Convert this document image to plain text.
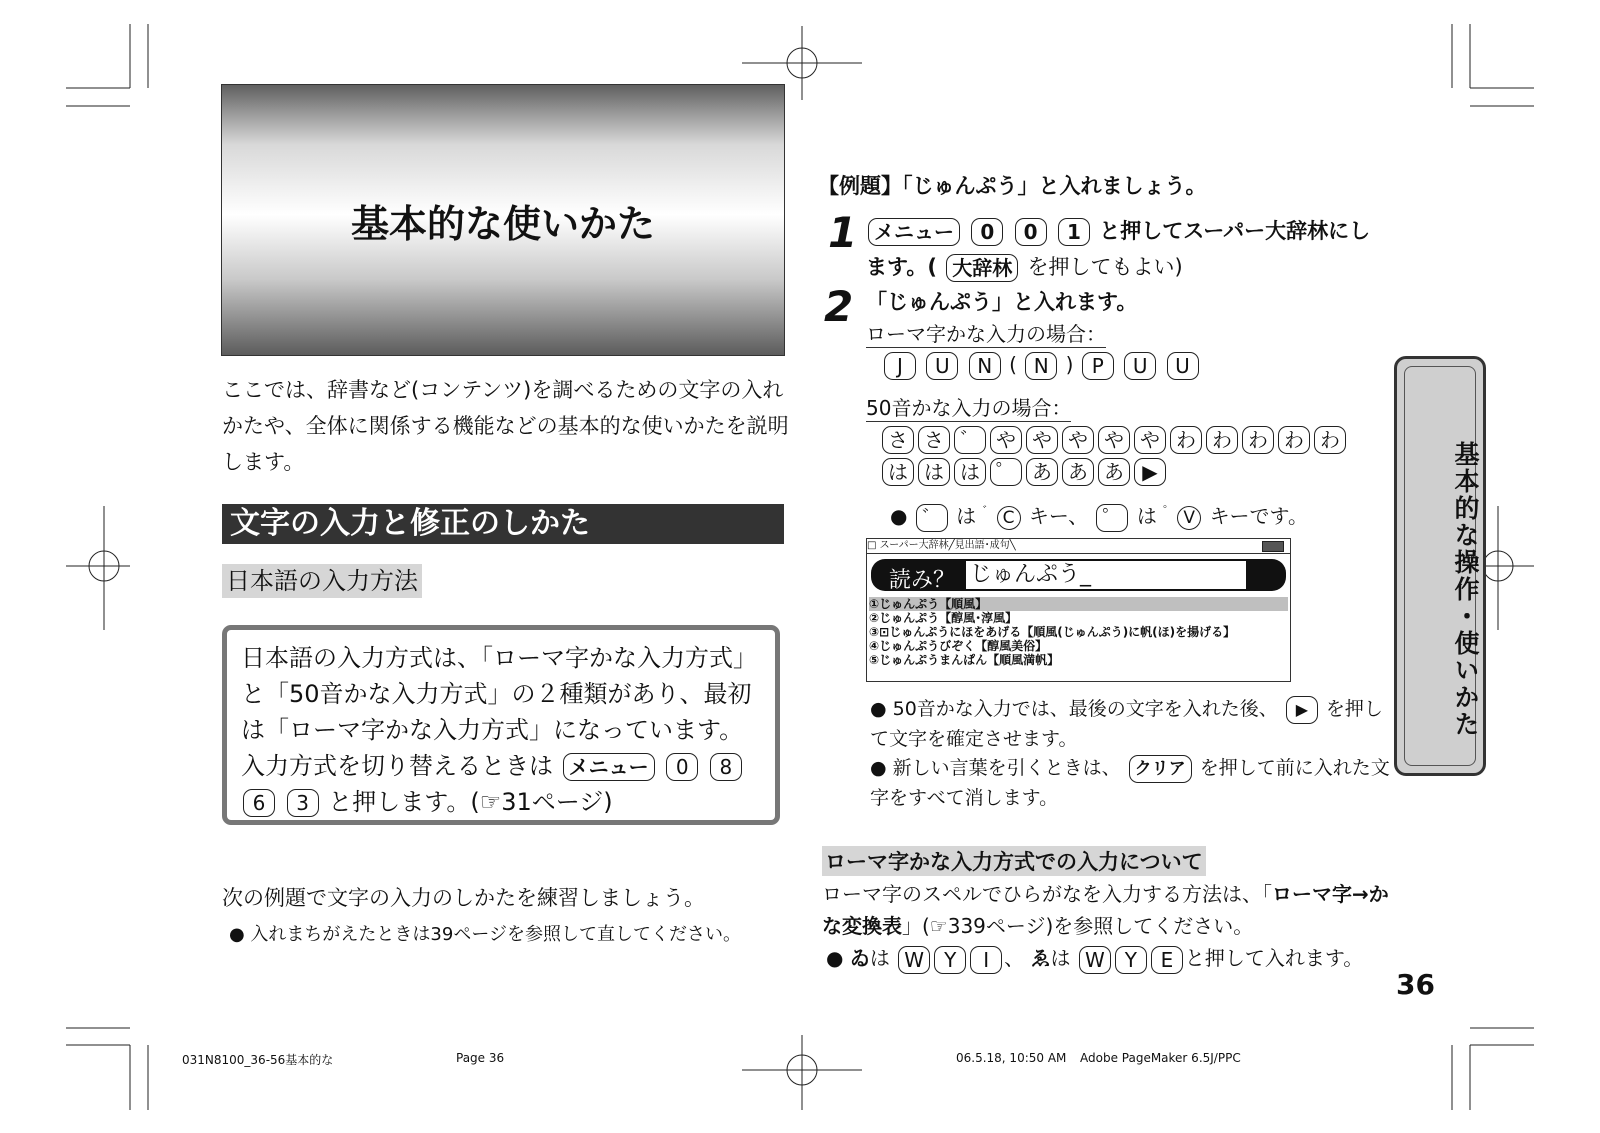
基本的な使いかた
ここでは、辞書など(コンテンツ)を調べるための文字の入れかたや、全体に関係する機能などの基本的な使いかたを説明します。
文字の入力と修正のしかた
日本語の入力方法
日本語の入力方式は、「ローマ字かな入力方式」と「50音かな入力方式」の２種類があり、最初は「ローマ字かな入力方式」になっています。入力方式を切り替えるときは メニュー 0 8 6 3 と押します。(☞31ページ)
次の例題で文字の入力のしかたを練習しましょう。
● 入れまちがえたときは39ページを参照して直してください。
【例題】「じゅんぷう」と入れましょう。
1 メニュー 0 0 1 と押してスーパー大辞林にします。( 大辞林 を押してもよい)
2 「じゅんぷう」と入れます。
ローマ字かな入力の場合：
J U N ( N ) P U U
50音かな入力の場合：
さ さ ゛ や や や や や わ わ わ わ わ
は は は ゜ あ あ あ ▶
● ゛ は ゛ C キー、 ゜ は ゜ V キーです。
□ スーパー大辞林╱見出語･成句╲
読み？ じゅんぷう_
①じゅんぷう【順風】
②じゅんぷう【醇風･淳風】
③⊡じゅんぷうにほをあげる【順風(じゅんぷう)に帆(ほ)を揚げる】
④じゅんぷうびぞく【醇風美俗】
⑤じゅんぷうまんぱん【順風満帆】
● 50音かな入力では、最後の文字を入れた後、 ▶ を押して文字を確定させます。
● 新しい言葉を引くときは、 クリア を押して前に入れた文字をすべて消します。
ローマ字かな入力方式での入力について
ローマ字のスペルでひらがなを入力する方法は、「ローマ字→かな変換表」(☞339ページ)を参照してください。
● ゐは W Y I 、 ゑは W Y E と押して入れます。
基本的な操作・使いかた
36
031N8100_36-56基本的な	Page 36	06.5.18, 10:50 AM Adobe PageMaker 6.5J/PPC
